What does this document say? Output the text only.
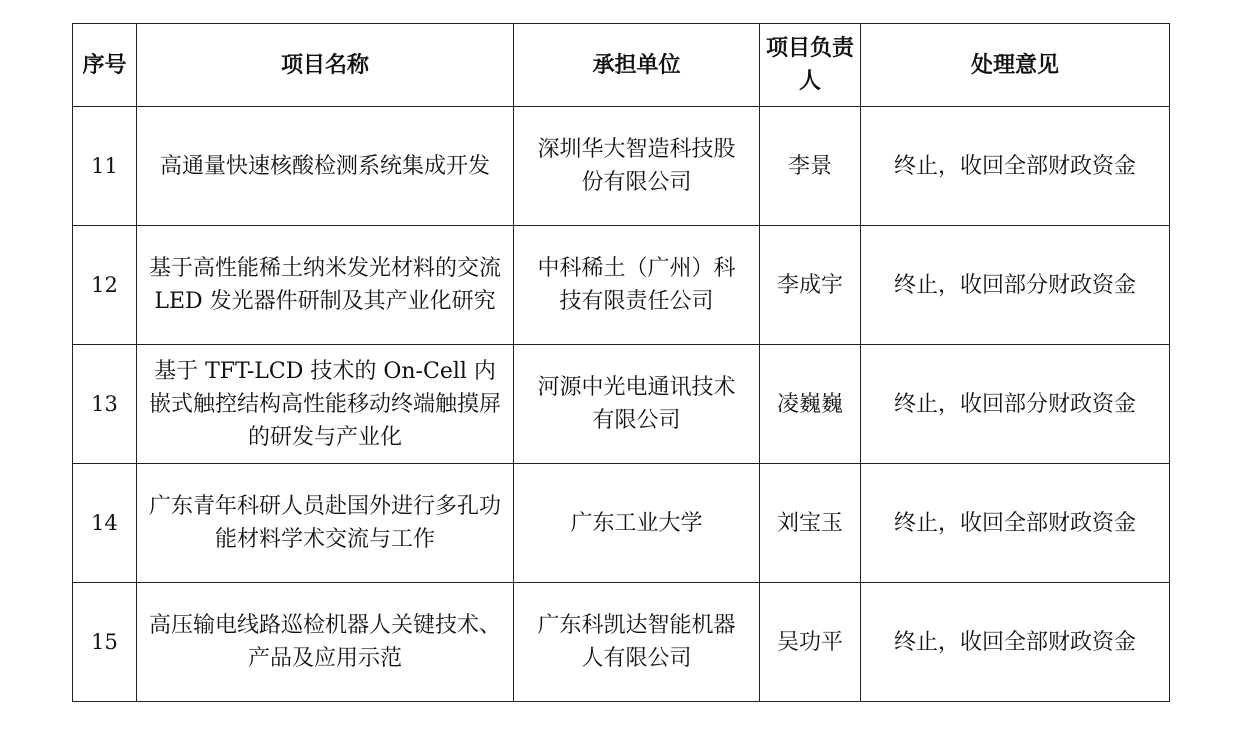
序号	项目名称	承担单位	项目负责人	处理意见
11	高通量快速核酸检测系统集成开发	深圳华大智造科技股份有限公司	李景	终止，收回全部财政资金
12	基于高性能稀土纳米发光材料的交流 LED 发光器件研制及其产业化研究	中科稀土（广州）科技有限责任公司	李成宇	终止，收回部分财政资金
13	基于 TFT-LCD 技术的 On-Cell 内嵌式触控结构高性能移动终端触摸屏的研发与产业化	河源中光电通讯技术有限公司	凌巍巍	终止，收回部分财政资金
14	广东青年科研人员赴国外进行多孔功能材料学术交流与工作	广东工业大学	刘宝玉	终止，收回全部财政资金
15	高压输电线路巡检机器人关键技术、产品及应用示范	广东科凯达智能机器人有限公司	吴功平	终止，收回全部财政资金
